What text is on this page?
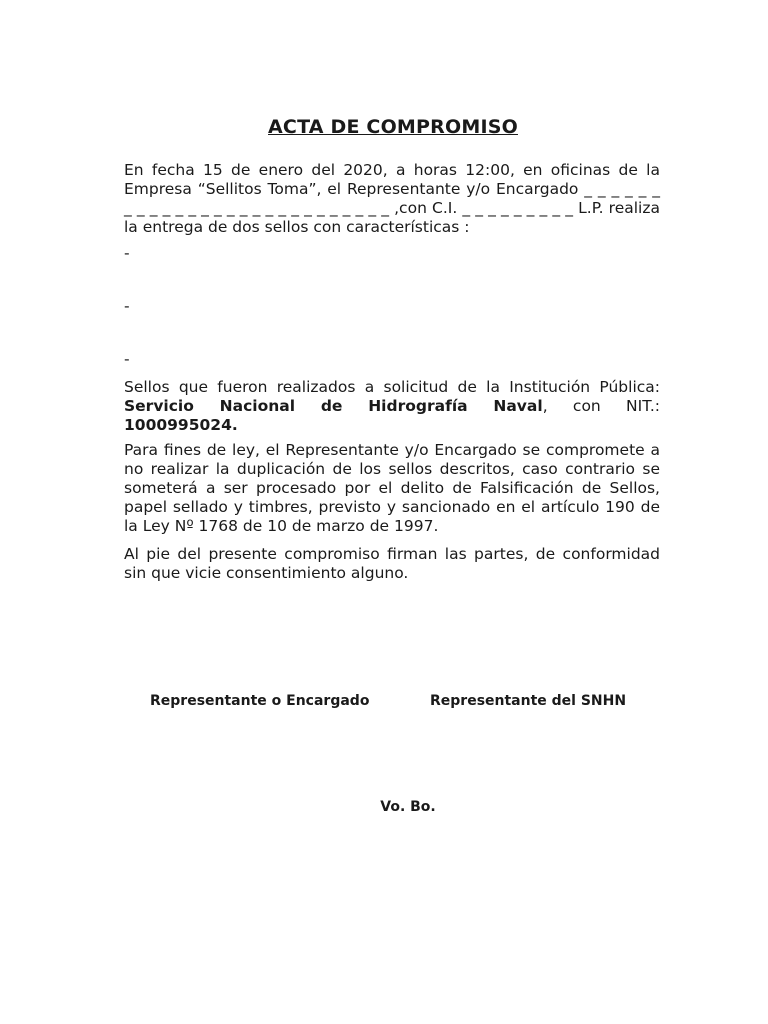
ACTA DE COMPROMISO
En fecha 15 de enero del 2020, a horas 12:00, en oficinas de la
Empresa “Sellitos Toma”, el Representante y/o Encargado _ _ _ _ _ _
_ _ _ _ _ _ _ _ _ _ _ _ _ _ _ _ _ _ _ _ _ ,con C.I. _ _ _ _ _ _ _ _ _ L.P. realiza
la entrega de dos sellos con características :
-
-
-
Sellos que fueron realizados a solicitud de la Institución Pública:
Servicio Nacional de Hidrografía Naval, con NIT.:
1000995024.
Para fines de ley, el Representante y/o Encargado se compromete a
no realizar la duplicación de los sellos descritos, caso contrario se
someterá a ser procesado por el delito de Falsificación de Sellos,
papel sellado y timbres, previsto y sancionado en el artículo 190 de
la Ley Nº 1768 de 10 de marzo de 1997.
Al pie del presente compromiso firman las partes, de conformidad
sin que vicie consentimiento alguno.
Representante o Encargado	Representante del SNHN
Vo. Bo.
